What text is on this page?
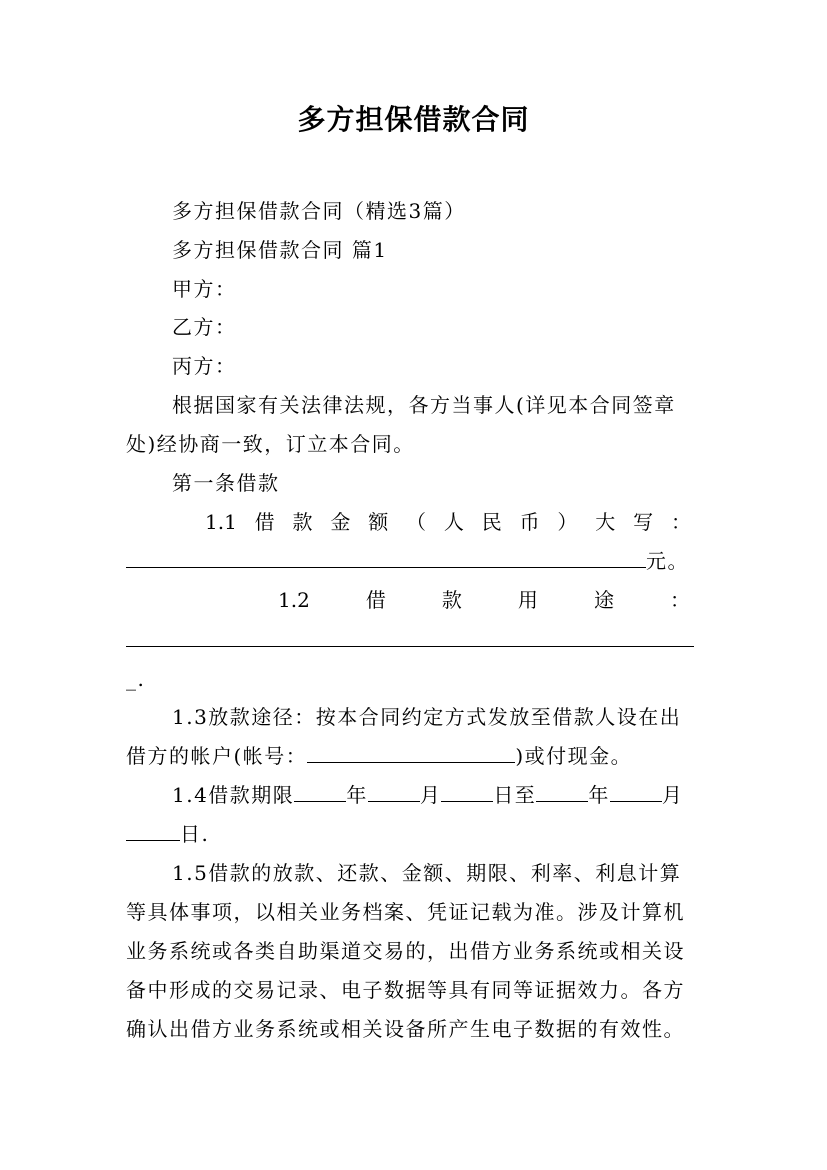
多方担保借款合同
多方担保借款合同（精选3篇）
多方担保借款合同 篇1
甲方：
乙方：
丙方：
根据国家有关法律法规，各方当事人(详见本合同签章
处)经协商一致，订立本合同。
第一条借款
1.1 借 款 金 额 （ 人 民 币 ） 大 写 ：
元。
1.2	借	款	用	途	：
_.
1.3放款途径：按本合同约定方式发放至借款人设在出
借方的帐户(帐号：	)或付现金。
1.4借款期限	年	月	日至	年	月
日.
1.5借款的放款、还款、金额、期限、利率、利息计算
等具体事项，以相关业务档案、凭证记载为准。涉及计算机
业务系统或各类自助渠道交易的，出借方业务系统或相关设
备中形成的交易记录、电子数据等具有同等证据效力。各方
确认出借方业务系统或相关设备所产生电子数据的有效性。
